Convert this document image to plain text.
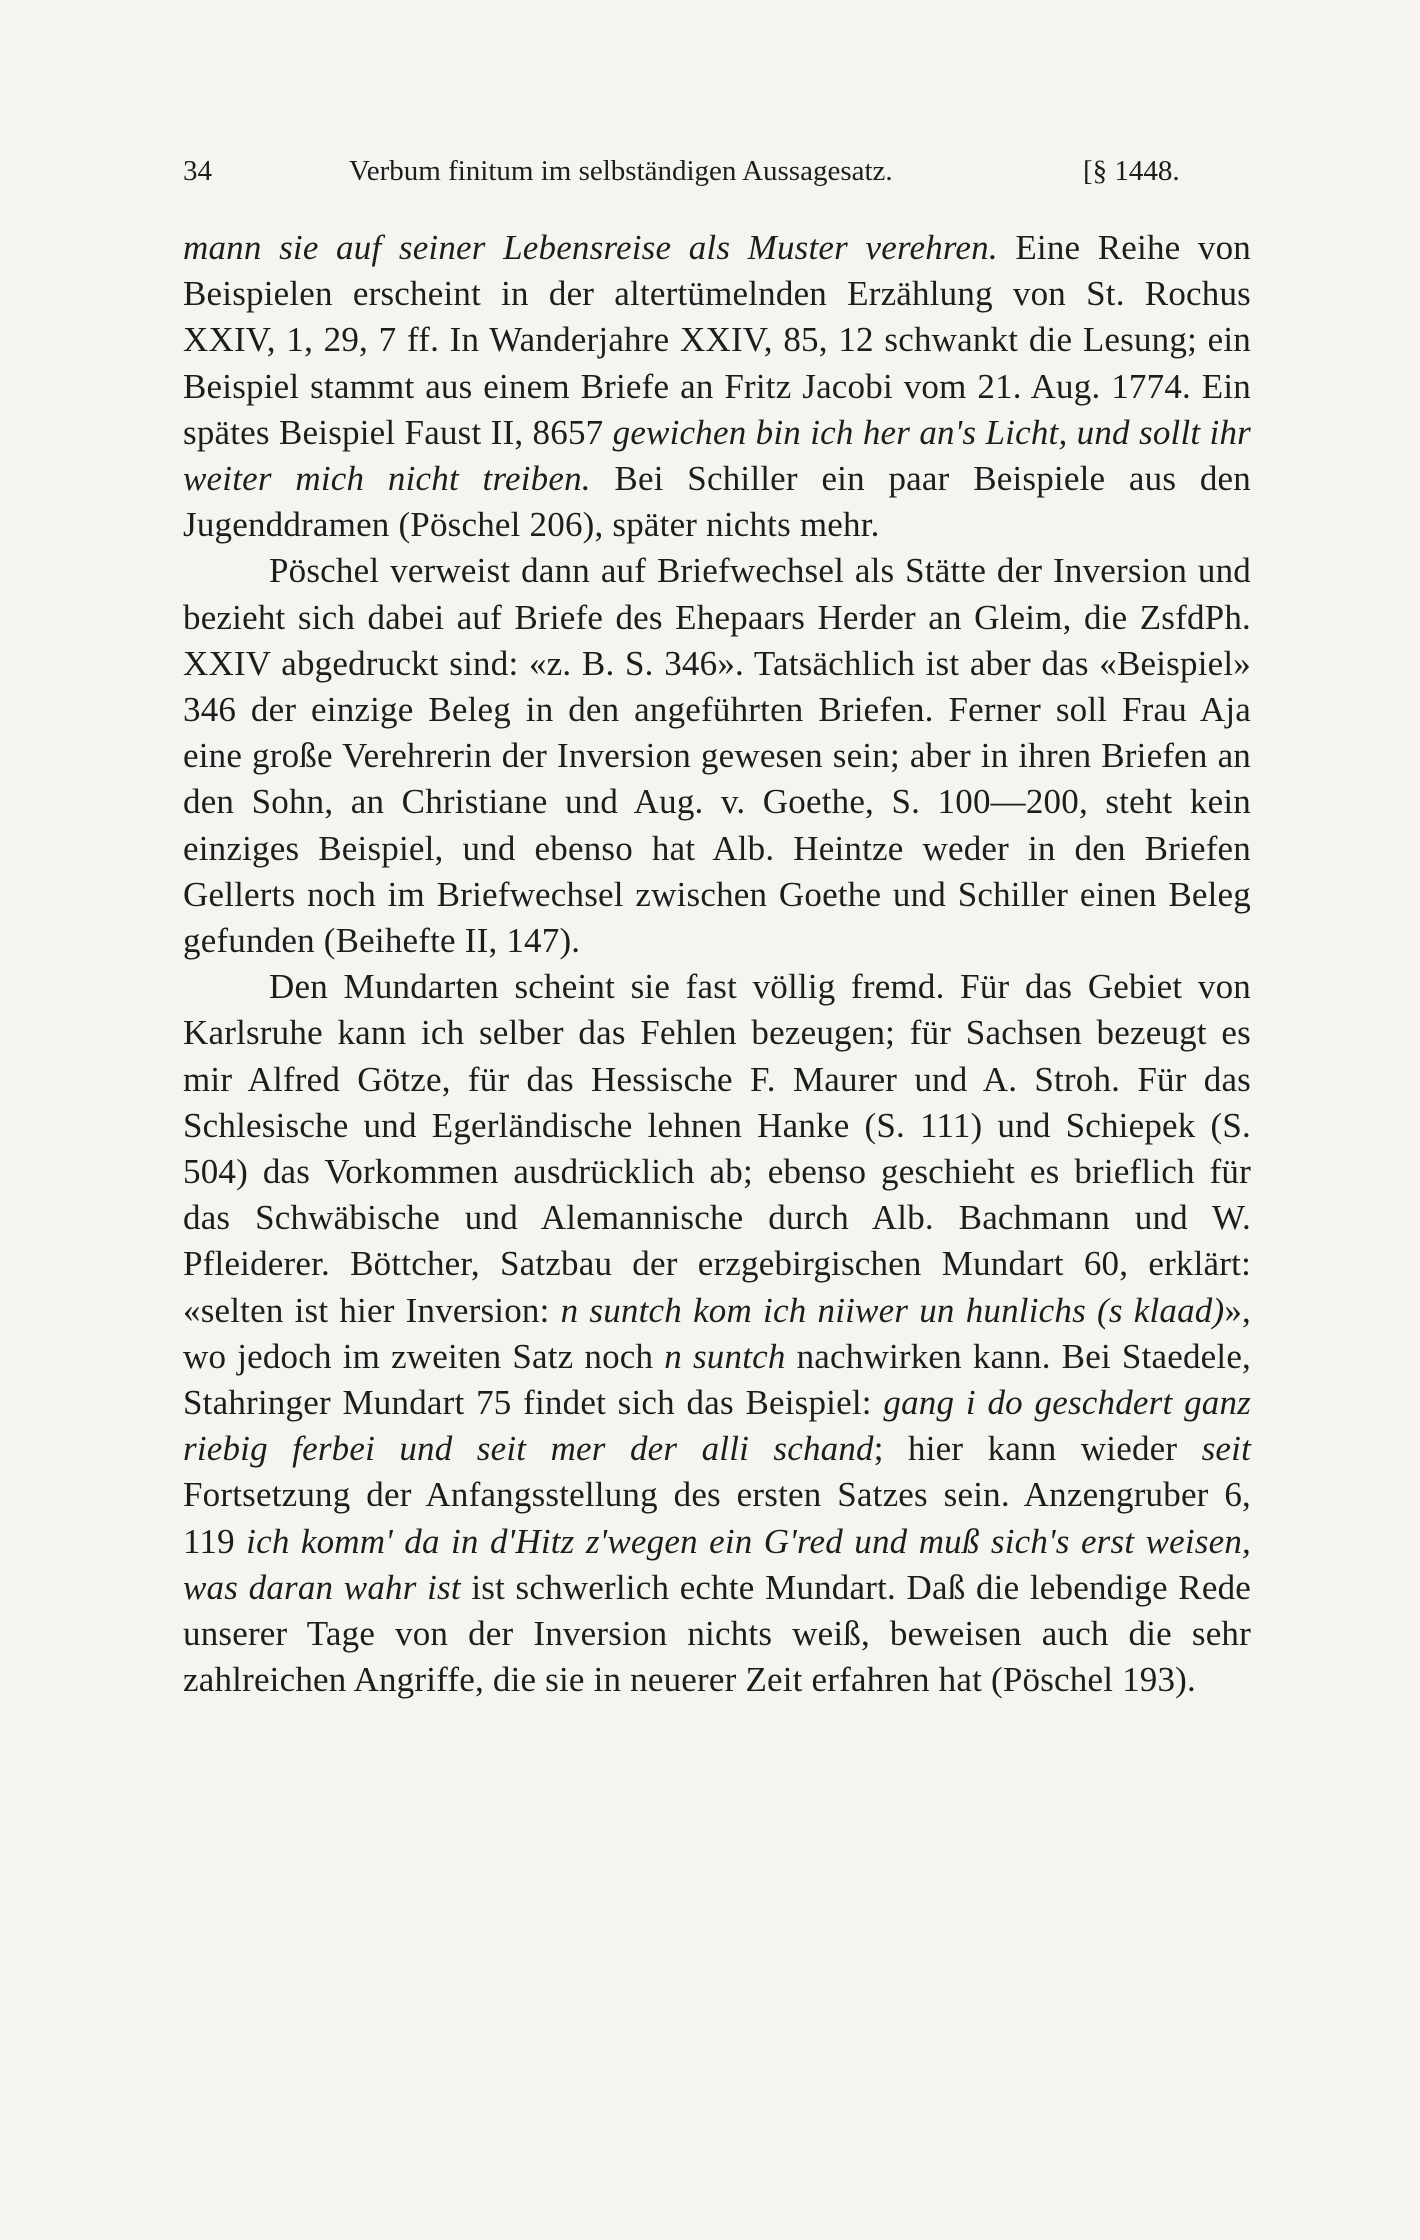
34	Verbum finitum im selbständigen Aussagesatz.	[§ 1448.

mann sie auf seiner Lebensreise als Muster verehren. Eine Reihe von Beispielen erscheint in der altertümelnden Erzählung von St. Rochus XXIV, 1, 29, 7 ff. In Wanderjahre XXIV, 85, 12 schwankt die Lesung; ein Beispiel stammt aus einem Briefe an Fritz Jacobi vom 21. Aug. 1774. Ein spätes Beispiel Faust II, 8657 gewichen bin ich her an's Licht, und sollt ihr weiter mich nicht treiben. Bei Schiller ein paar Beispiele aus den Jugenddramen (Pöschel 206), später nichts mehr.

Pöschel verweist dann auf Briefwechsel als Stätte der Inversion und bezieht sich dabei auf Briefe des Ehepaars Herder an Gleim, die ZsfdPh. XXIV abgedruckt sind: «z. B. S. 346». Tatsächlich ist aber das «Beispiel» 346 der einzige Beleg in den angeführten Briefen. Ferner soll Frau Aja eine große Verehrerin der Inversion gewesen sein; aber in ihren Briefen an den Sohn, an Christiane und Aug. v. Goethe, S. 100—200, steht kein einziges Beispiel, und ebenso hat Alb. Heintze weder in den Briefen Gellerts noch im Briefwechsel zwischen Goethe und Schiller einen Beleg gefunden (Beihefte II, 147).

Den Mundarten scheint sie fast völlig fremd. Für das Gebiet von Karlsruhe kann ich selber das Fehlen bezeugen; für Sachsen bezeugt es mir Alfred Götze, für das Hessische F. Maurer und A. Stroh. Für das Schlesische und Egerländische lehnen Hanke (S. 111) und Schiepek (S. 504) das Vorkommen ausdrücklich ab; ebenso geschieht es brieflich für das Schwäbische und Alemannische durch Alb. Bachmann und W. Pfleiderer. Böttcher, Satzbau der erzgebirgischen Mundart 60, erklärt: «selten ist hier Inversion: n suntch kom ich niiwer un hunlichs (s klaad)», wo jedoch im zweiten Satz noch n suntch nachwirken kann. Bei Staedele, Stahringer Mundart 75 findet sich das Beispiel: gang i do geschdert ganz riebig ferbei und seit mer der alli schand; hier kann wieder seit Fortsetzung der Anfangsstellung des ersten Satzes sein. Anzengruber 6, 119 ich komm' da in d'Hitz z'wegen ein G'red und muß sich's erst weisen, was daran wahr ist ist schwerlich echte Mundart. Daß die lebendige Rede unserer Tage von der Inversion nichts weiß, beweisen auch die sehr zahlreichen Angriffe, die sie in neuerer Zeit erfahren hat (Pöschel 193).
